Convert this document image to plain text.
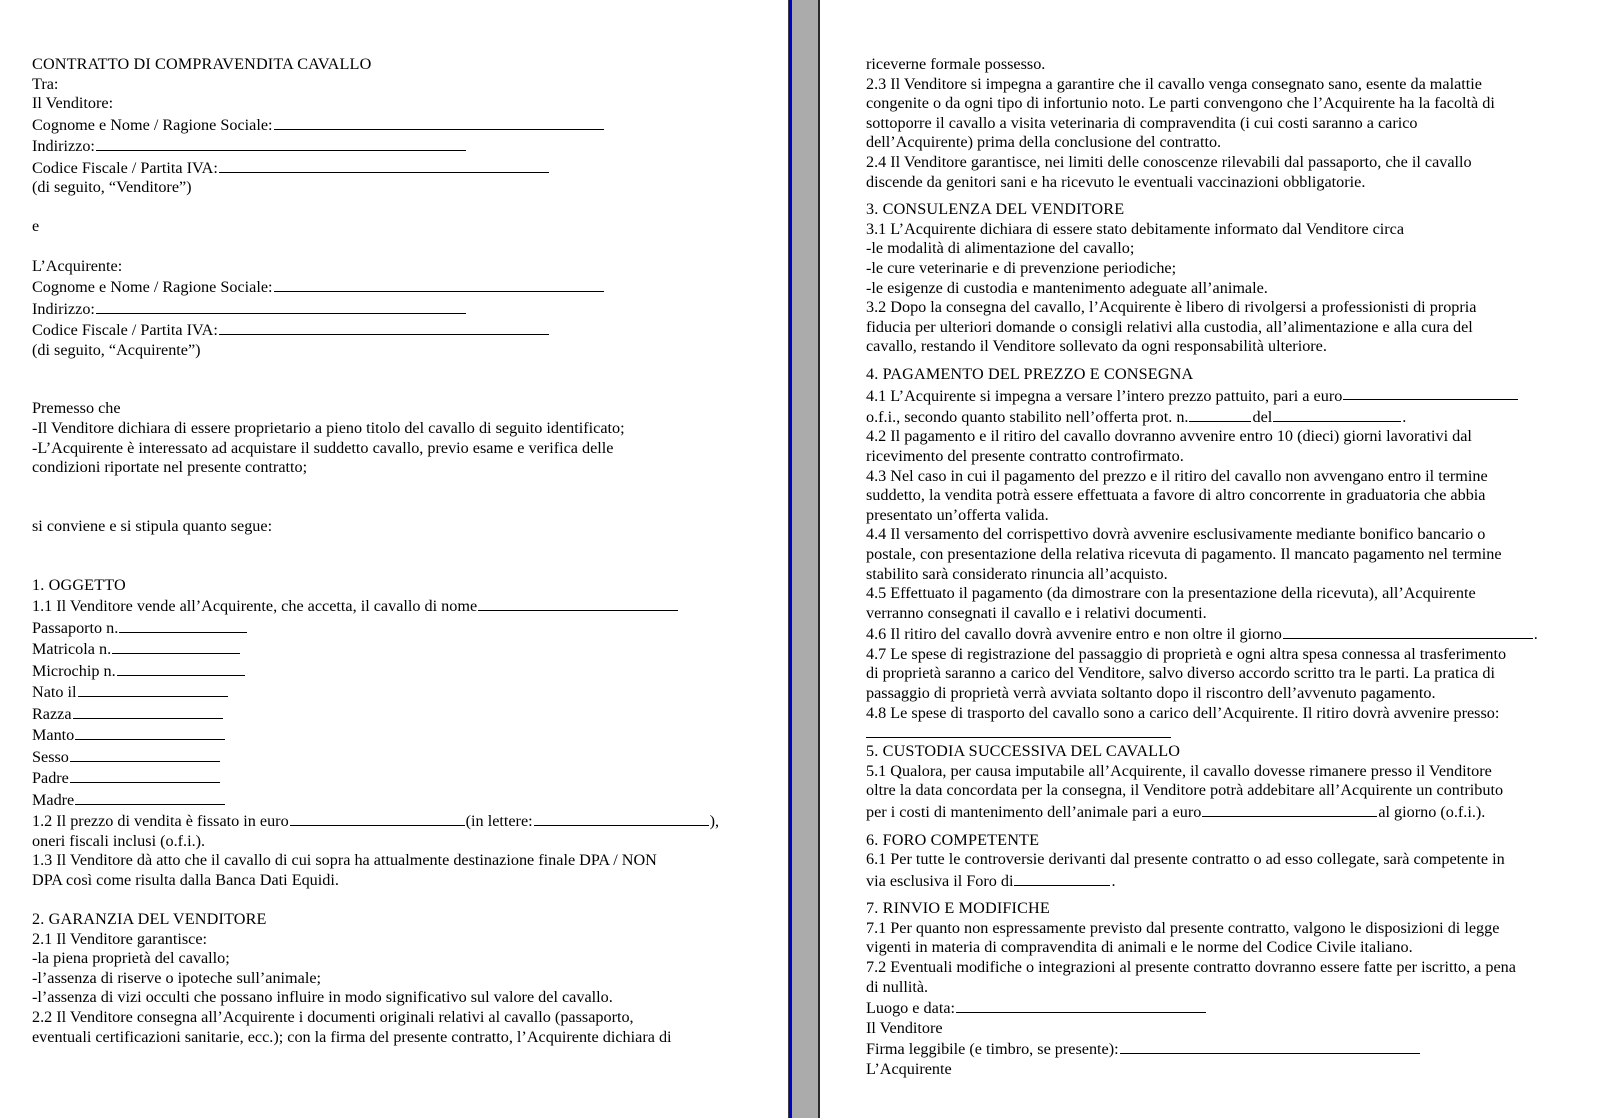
CONTRATTO DI COMPRAVENDITA CAVALLO
Tra:
Il Venditore:
Cognome e Nome / Ragione Sociale:
Indirizzo:
Codice Fiscale / Partita IVA:
(di seguito, “Venditore”)
e
L’Acquirente:
Cognome e Nome / Ragione Sociale:
Indirizzo:
Codice Fiscale / Partita IVA:
(di seguito, “Acquirente”)
Premesso che
-Il Venditore dichiara di essere proprietario a pieno titolo del cavallo di seguito identificato;
-L’Acquirente è interessato ad acquistare il suddetto cavallo, previo esame e verifica delle
condizioni riportate nel presente contratto;
si conviene e si stipula quanto segue:
1. OGGETTO
1.1 Il Venditore vende all’Acquirente, che accetta, il cavallo di nome
Passaporto n.
Matricola n.
Microchip n.
Nato il
Razza
Manto
Sesso
Padre
Madre
1.2 Il prezzo di vendita è fissato in euro	(in lettere:	),
oneri fiscali inclusi (o.f.i.).
1.3 Il Venditore dà atto che il cavallo di cui sopra ha attualmente destinazione finale DPA / NON
DPA così come risulta dalla Banca Dati Equidi.
2. GARANZIA DEL VENDITORE
2.1 Il Venditore garantisce:
-la piena proprietà del cavallo;
-l’assenza di riserve o ipoteche sull’animale;
-l’assenza di vizi occulti che possano influire in modo significativo sul valore del cavallo.
2.2 Il Venditore consegna all’Acquirente i documenti originali relativi al cavallo (passaporto,
eventuali certificazioni sanitarie, ecc.); con la firma del presente contratto, l’Acquirente dichiara di
riceverne formale possesso.
2.3 Il Venditore si impegna a garantire che il cavallo venga consegnato sano, esente da malattie
congenite o da ogni tipo di infortunio noto. Le parti convengono che l’Acquirente ha la facoltà di
sottoporre il cavallo a visita veterinaria di compravendita (i cui costi saranno a carico
dell’Acquirente) prima della conclusione del contratto.
2.4 Il Venditore garantisce, nei limiti delle conoscenze rilevabili dal passaporto, che il cavallo
discende da genitori sani e ha ricevuto le eventuali vaccinazioni obbligatorie.
3. CONSULENZA DEL VENDITORE
3.1 L’Acquirente dichiara di essere stato debitamente informato dal Venditore circa
-le modalità di alimentazione del cavallo;
-le cure veterinarie e di prevenzione periodiche;
-le esigenze di custodia e mantenimento adeguate all’animale.
3.2 Dopo la consegna del cavallo, l’Acquirente è libero di rivolgersi a professionisti di propria
fiducia per ulteriori domande o consigli relativi alla custodia, all’alimentazione e alla cura del
cavallo, restando il Venditore sollevato da ogni responsabilità ulteriore.
4. PAGAMENTO DEL PREZZO E CONSEGNA
4.1 L’Acquirente si impegna a versare l’intero prezzo pattuito, pari a euro
o.f.i., secondo quanto stabilito nell’offerta prot. n.	del	.
4.2 Il pagamento e il ritiro del cavallo dovranno avvenire entro 10 (dieci) giorni lavorativi dal
ricevimento del presente contratto controfirmato.
4.3 Nel caso in cui il pagamento del prezzo e il ritiro del cavallo non avvengano entro il termine
suddetto, la vendita potrà essere effettuata a favore di altro concorrente in graduatoria che abbia
presentato un’offerta valida.
4.4 Il versamento del corrispettivo dovrà avvenire esclusivamente mediante bonifico bancario o
postale, con presentazione della relativa ricevuta di pagamento. Il mancato pagamento nel termine
stabilito sarà considerato rinuncia all’acquisto.
4.5 Effettuato il pagamento (da dimostrare con la presentazione della ricevuta), all’Acquirente
verranno consegnati il cavallo e i relativi documenti.
4.6 Il ritiro del cavallo dovrà avvenire entro e non oltre il giorno	.
4.7 Le spese di registrazione del passaggio di proprietà e ogni altra spesa connessa al trasferimento
di proprietà saranno a carico del Venditore, salvo diverso accordo scritto tra le parti. La pratica di
passaggio di proprietà verrà avviata soltanto dopo il riscontro dell’avvenuto pagamento.
4.8 Le spese di trasporto del cavallo sono a carico dell’Acquirente. Il ritiro dovrà avvenire presso:
5. CUSTODIA SUCCESSIVA DEL CAVALLO
5.1 Qualora, per causa imputabile all’Acquirente, il cavallo dovesse rimanere presso il Venditore
oltre la data concordata per la consegna, il Venditore potrà addebitare all’Acquirente un contributo
per i costi di mantenimento dell’animale pari a euro	al giorno (o.f.i.).
6. FORO COMPETENTE
6.1 Per tutte le controversie derivanti dal presente contratto o ad esso collegate, sarà competente in
via esclusiva il Foro di	.
7. RINVIO E MODIFICHE
7.1 Per quanto non espressamente previsto dal presente contratto, valgono le disposizioni di legge
vigenti in materia di compravendita di animali e le norme del Codice Civile italiano.
7.2 Eventuali modifiche o integrazioni al presente contratto dovranno essere fatte per iscritto, a pena
di nullità.
Luogo e data:
Il Venditore
Firma leggibile (e timbro, se presente):
L’Acquirente
